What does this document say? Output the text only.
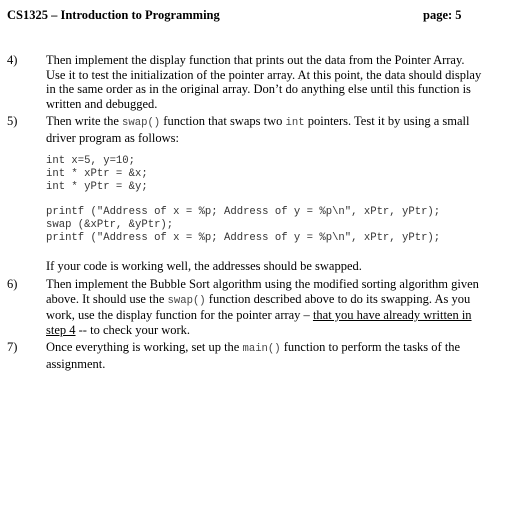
CS1325 – Introduction to Programming	page: 5
4) Then implement the display function that prints out the data from the Pointer Array. Use it to test the initialization of the pointer array. At this point, the data should display in the same order as in the original array. Don’t do anything else until this function is written and debugged.
5) Then write the swap() function that swaps two int pointers. Test it by using a small driver program as follows:
int x=5, y=10;
int * xPtr = &x;
int * yPtr = &y;
printf ("Address of x = %p; Address of y = %p\n", xPtr, yPtr);
swap (&xPtr, &yPtr);
printf ("Address of x = %p; Address of y = %p\n", xPtr, yPtr);
If your code is working well, the addresses should be swapped.
6) Then implement the Bubble Sort algorithm using the modified sorting algorithm given above. It should use the swap() function described above to do its swapping. As you work, use the display function for the pointer array – that you have already written in step 4 -- to check your work.
7) Once everything is working, set up the main() function to perform the tasks of the assignment.
